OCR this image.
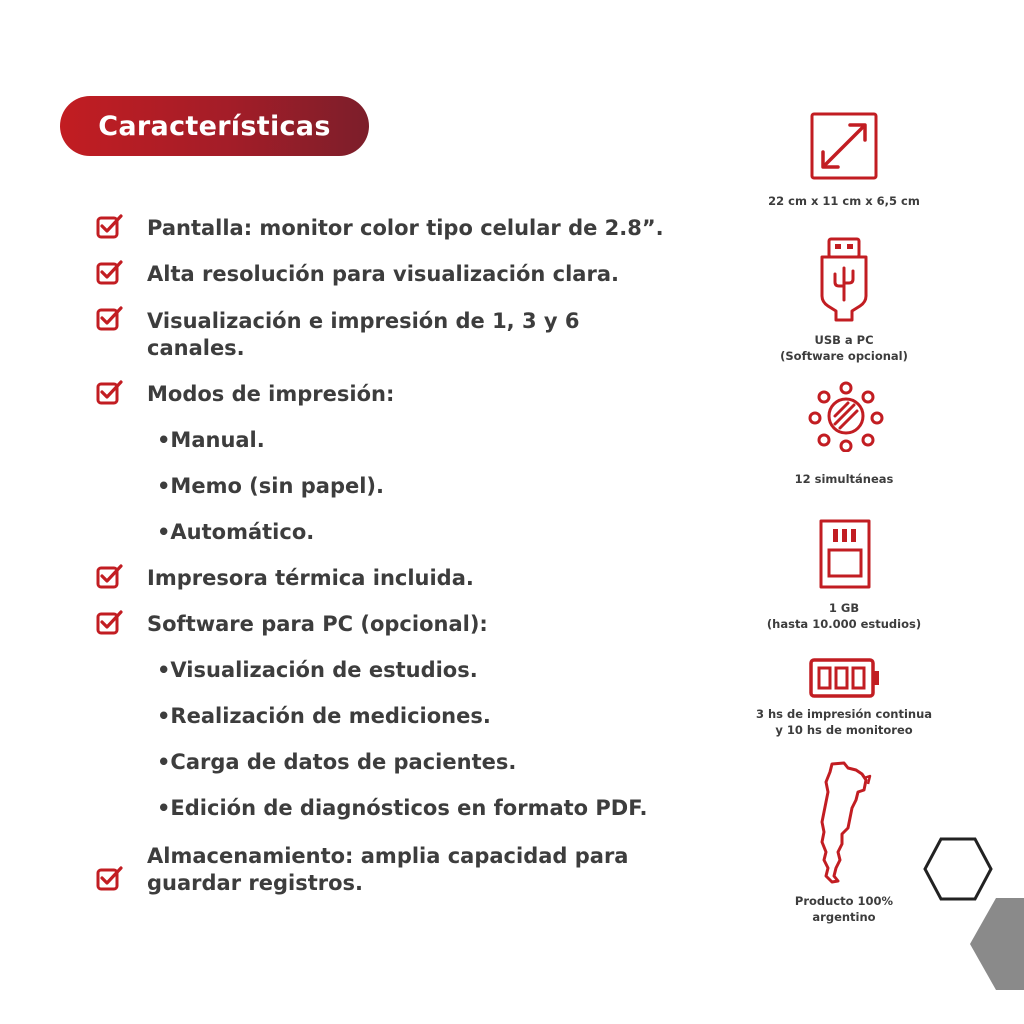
Características
Pantalla: monitor color tipo celular de 2.8”.
Alta resolución para visualización clara.
Visualización e impresión de 1, 3 y 6
canales.
Modos de impresión:
•Manual.
•Memo (sin papel).
•Automático.
Impresora térmica incluida.
Software para PC (opcional):
•Visualización de estudios.
•Realización de mediciones.
•Carga de datos de pacientes.
•Edición de diagnósticos en formato PDF.
Almacenamiento: amplia capacidad para
guardar registros.
22 cm x 11 cm x 6,5 cm
USB a PC
(Software opcional)
12 simultáneas
1 GB
(hasta 10.000 estudios)
3 hs de impresión continua
y 10 hs de monitoreo
Producto 100%
argentino
